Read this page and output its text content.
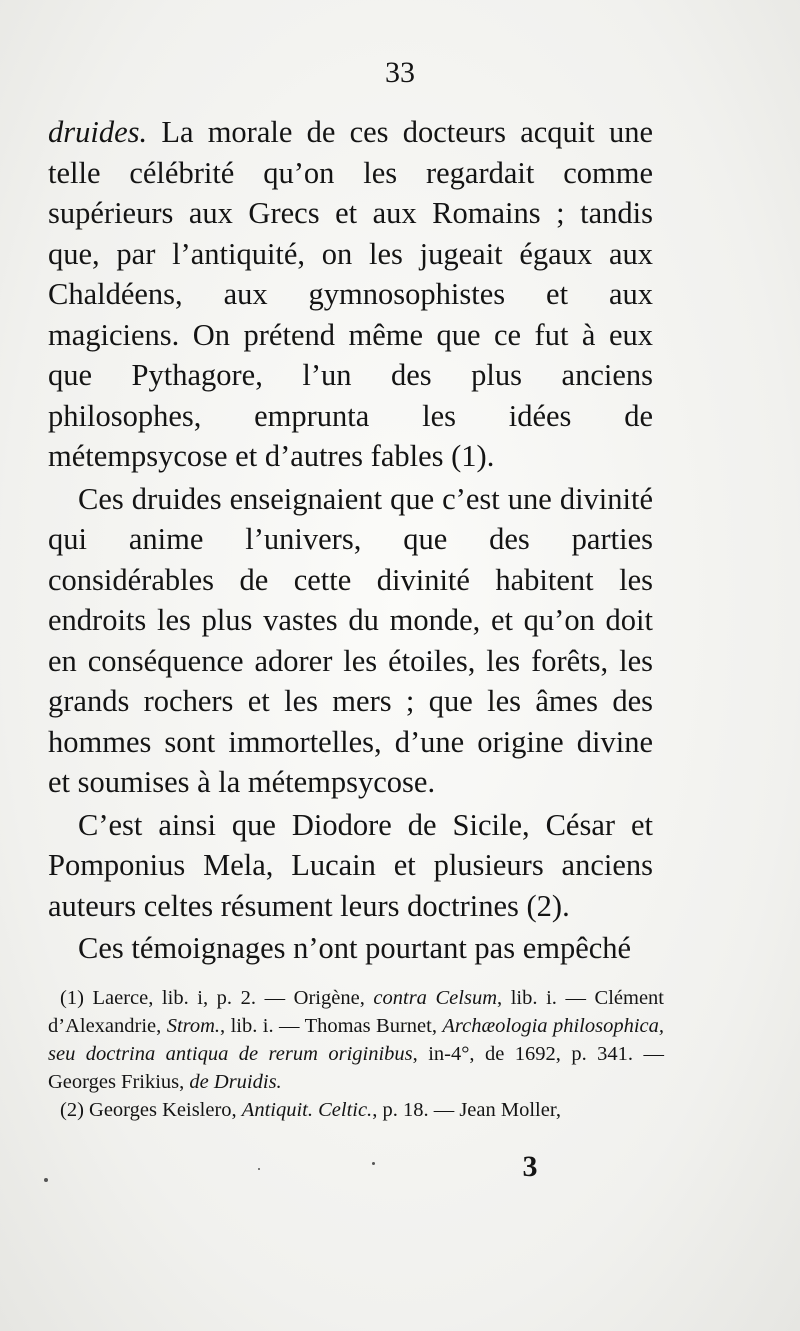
33

druides. La morale de ces docteurs acquit une telle célébrité qu’on les regardait comme supérieurs aux Grecs et aux Romains ; tandis que, par l’antiquité, on les jugeait égaux aux Chaldéens, aux gymnosophistes et aux magiciens. On prétend même que ce fut à eux que Pythagore, l’un des plus anciens philosophes, emprunta les idées de métempsycose et d’autres fables (1).

Ces druides enseignaient que c’est une divinité qui anime l’univers, que des parties considérables de cette divinité habitent les endroits les plus vastes du monde, et qu’on doit en conséquence adorer les étoiles, les forêts, les grands rochers et les mers ; que les âmes des hommes sont immortelles, d’une origine divine et soumises à la métempsycose.

C’est ainsi que Diodore de Sicile, César et Pomponius Mela, Lucain et plusieurs anciens auteurs celtes résument leurs doctrines (2).

Ces témoignages n’ont pourtant pas empêché

(1) Laerce, lib. i, p. 2. — Origène, contra Celsum, lib. i. — Clément d’Alexandrie, Strom., lib. i. — Thomas Burnet, Archæologia philosophica, seu doctrina antiqua de rerum originibus, in-4°, de 1692, p. 341. — Georges Frikius, de Druidis.

(2) Georges Keislero, Antiquit. Celtic., p. 18. — Jean Moller,

3
